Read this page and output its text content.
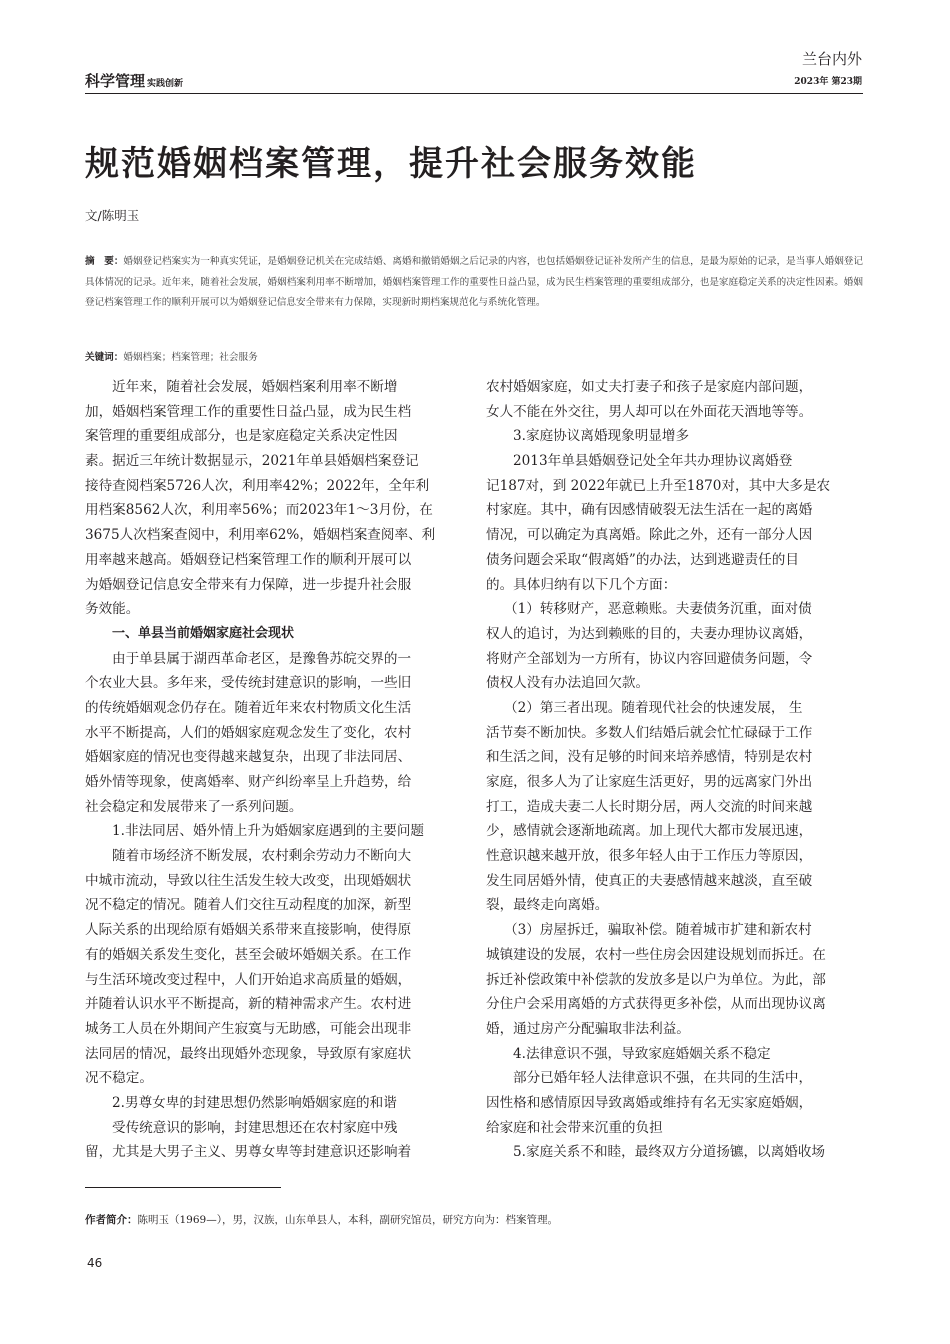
科学管理 实践创新
兰台内外
2023年 第23期
规范婚姻档案管理，提升社会服务效能
文/陈明玉
摘　要：婚姻登记档案实为一种真实凭证，是婚姻登记机关在完成结婚、离婚和撤销婚姻之后记录的内容，也包括婚姻登记证补发所产生的信息，是最为原始的记录，是当事人婚姻登记具体情况的记录。近年来，随着社会发展，婚姻档案利用率不断增加，婚姻档案管理工作的重要性日益凸显，成为民生档案管理的重要组成部分，也是家庭稳定关系的决定性因素。婚姻登记档案管理工作的顺利开展可以为婚姻登记信息安全带来有力保障，实现新时期档案规范化与系统化管理。
关键词：婚姻档案；档案管理；社会服务
近年来，随着社会发展，婚姻档案利用率不断增
加，婚姻档案管理工作的重要性日益凸显，成为民生档
案管理的重要组成部分，也是家庭稳定关系决定性因
素。据近三年统计数据显示，2021年单县婚姻档案登记
接待查阅档案5726人次，利用率42%；2022年，全年利
用档案8562人次，利用率56%；而2023年1～3月份，在
3675人次档案查阅中，利用率62%，婚姻档案查阅率、利
用率越来越高。婚姻登记档案管理工作的顺利开展可以
为婚姻登记信息安全带来有力保障，进一步提升社会服
务效能。
一、单县当前婚姻家庭社会现状
由于单县属于湖西革命老区，是豫鲁苏皖交界的一
个农业大县。多年来，受传统封建意识的影响，一些旧
的传统婚姻观念仍存在。随着近年来农村物质文化生活
水平不断提高，人们的婚姻家庭观念发生了变化，农村
婚姻家庭的情况也变得越来越复杂，出现了非法同居、
婚外情等现象，使离婚率、财产纠纷率呈上升趋势，给
社会稳定和发展带来了一系列问题。
1.非法同居、婚外情上升为婚姻家庭遇到的主要问题
随着市场经济不断发展，农村剩余劳动力不断向大
中城市流动，导致以往生活发生较大改变，出现婚姻状
况不稳定的情况。随着人们交往互动程度的加深，新型
人际关系的出现给原有婚姻关系带来直接影响，使得原
有的婚姻关系发生变化，甚至会破坏婚姻关系。在工作
与生活环境改变过程中，人们开始追求高质量的婚姻，
并随着认识水平不断提高，新的精神需求产生。农村进
城务工人员在外期间产生寂寞与无助感，可能会出现非
法同居的情况，最终出现婚外恋现象，导致原有家庭状
况不稳定。
2.男尊女卑的封建思想仍然影响婚姻家庭的和谐
受传统意识的影响，封建思想还在农村家庭中残
留，尤其是大男子主义、男尊女卑等封建意识还影响着
农村婚姻家庭，如丈夫打妻子和孩子是家庭内部问题，
女人不能在外交往，男人却可以在外面花天酒地等等。
3.家庭协议离婚现象明显增多
2013年单县婚姻登记处全年共办理协议离婚登
记187对，到 2022年就已上升至1870对，其中大多是农
村家庭。其中，确有因感情破裂无法生活在一起的离婚
情况，可以确定为真离婚。除此之外，还有一部分人因
债务问题会采取“假离婚”的办法，达到逃避责任的目
的。具体归纳有以下几个方面：
（1）转移财产，恶意赖账。夫妻债务沉重，面对债
权人的追讨，为达到赖账的目的，夫妻办理协议离婚，
将财产全部划为一方所有，协议内容回避债务问题，令
债权人没有办法追回欠款。
（2）第三者出现。随着现代社会的快速发展， 生
活节奏不断加快。多数人们结婚后就会忙忙碌碌于工作
和生活之间，没有足够的时间来培养感情，特别是农村
家庭，很多人为了让家庭生活更好，男的远离家门外出
打工，造成夫妻二人长时期分居，两人交流的时间来越
少，感情就会逐渐地疏离。加上现代大都市发展迅速，
性意识越来越开放，很多年轻人由于工作压力等原因，
发生同居婚外情，使真正的夫妻感情越来越淡，直至破
裂，最终走向离婚。
（3）房屋拆迁，骗取补偿。随着城市扩建和新农村
城镇建设的发展，农村一些住房会因建设规划而拆迁。在
拆迁补偿政策中补偿款的发放多是以户为单位。为此，部
分住户会采用离婚的方式获得更多补偿，从而出现协议离
婚，通过房产分配骗取非法利益。
4.法律意识不强，导致家庭婚姻关系不稳定
部分已婚年轻人法律意识不强，在共同的生活中，
因性格和感情原因导致离婚或维持有名无实家庭婚姻，
给家庭和社会带来沉重的负担
5.家庭关系不和睦，最终双方分道扬镳，以离婚收场
作者简介：陈明玉（1969—），男，汉族，山东单县人，本科，副研究馆员，研究方向为：档案管理。
46
